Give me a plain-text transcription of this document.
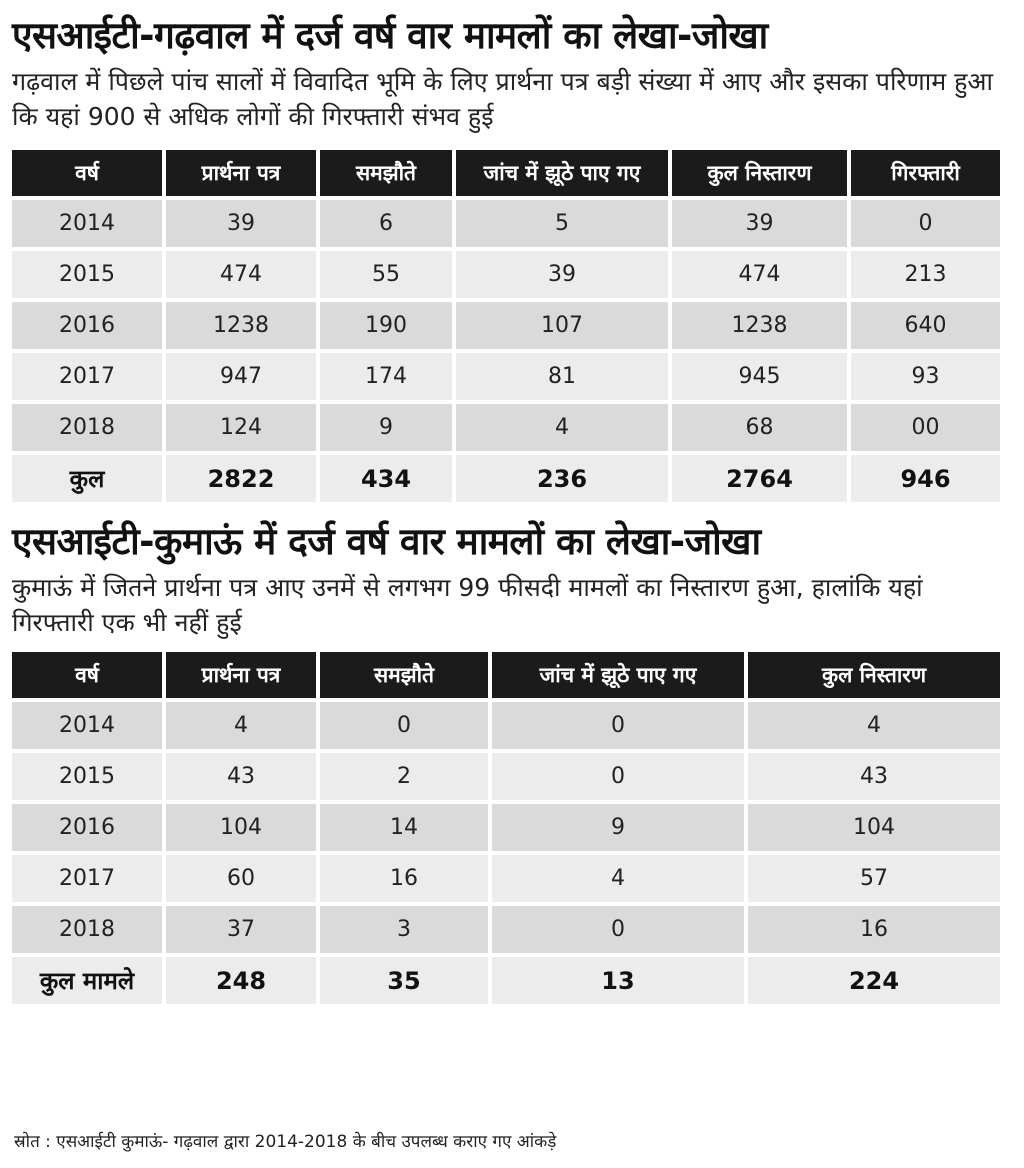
एसआईटी-गढ़वाल में दर्ज वर्ष वार मामलों का लेखा-जोखा

गढ़वाल में पिछले पांच सालों में विवादित भूमि के लिए प्रार्थना पत्र बड़ी संख्या में आए और इसका परिणाम हुआ कि यहां 900 से अधिक लोगों की गिरफ्तारी संभव हुई

वर्ष	प्रार्थना पत्र	समझौते	जांच में झूठे पाए गए	कुल निस्तारण	गिरफ्तारी
2014	39	6	5	39	0
2015	474	55	39	474	213
2016	1238	190	107	1238	640
2017	947	174	81	945	93
2018	124	9	4	68	00
कुल	2822	434	236	2764	946
एसआईटी-कुमाऊं में दर्ज वर्ष वार मामलों का लेखा-जोखा

कुमाऊं में जितने प्रार्थना पत्र आए उनमें से लगभग 99 फीसदी मामलों का निस्तारण हुआ, हालांकि यहां गिरफ्तारी एक भी नहीं हुई

वर्ष	प्रार्थना पत्र	समझौते	जांच में झूठे पाए गए	कुल निस्तारण
2014	4	0	0	4
2015	43	2	0	43
2016	104	14	9	104
2017	60	16	4	57
2018	37	3	0	16
कुल मामले	248	35	13	224
स्रोत : एसआईटी कुमाऊं- गढ़वाल द्वारा 2014-2018 के बीच उपलब्ध कराए गए आंकड़े
